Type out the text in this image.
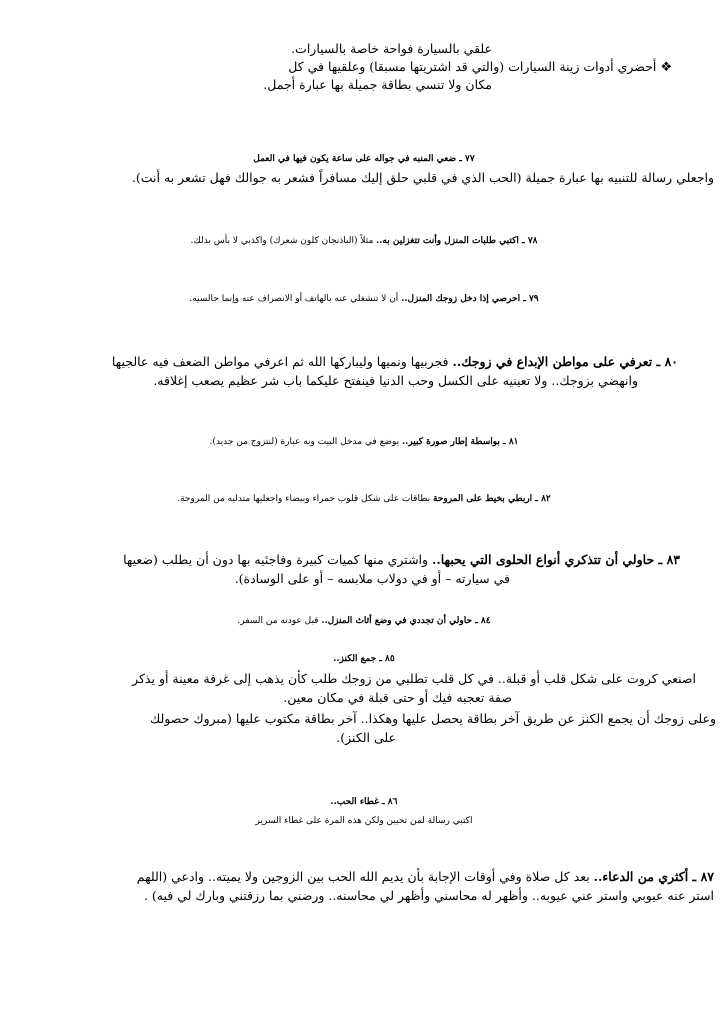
علقي بالسيارة فواحة خاصة بالسيارات.

❖أحضري أدوات زينة السيارات (والتي قد اشتريتها مسبقا) وعلقيها في كل

مكان ولا تنسي بطاقة جميلة بها عبارة أجمل.

٧٧ ـ ضعي المنبه في جواله على ساعة يكون فيها في العمل

واجعلي رسالة للتنبيه بها عبارة جميلة (الحب الذي في قلبي حلق إليك مسافراً فشعر به جوالك فهل تشعر به أنت).

٧٨ ـ اكتبي طلبات المنزل وأنت تتغزلين به.. مثلاً (الباذنجان كلون شعرك) واكذبي لا بأس بذلك.

٧٩ ـ احرصي إذا دخل زوجك المنزل.. أن لا تنشغلي عنه بالهاتف أو الانصراف عنه وإنما جالسيه.

٨٠ ـ تعرفي على مواطن الإبداع في زوجك.. فجربيها ونميها وليباركها الله ثم اعرفي مواطن الضعف فيه عالجيها

وانهضي بزوجك.. ولا تعينيه على الكسل وحب الدنيا فينفتح عليكما باب شر عظيم يصعب إغلاقه.

٨١ ـ بواسطة إطار صورة كبير.. يوضع في مدخل البيت وبه عبارة (لنتزوج من جديد).

٨٢ ـ اربطي بخيط على المروحة بطاقات على شكل قلوب حمراء وبيضاء واجعليها متدليه من المروحة.

٨٣ ـ حاولي أن تتذكري أنواع الحلوى التي يحبها.. واشتري منها كميات كبيرة وفاجئيه بها دون أن يطلب (ضعيها

في سيارته – أو في دولاب ملابسه – أو على الوسادة).

٨٤ ـ حاولي أن تجددي في وضع أثاث المنزل.. قبل عودته من السفر.

٨٥ ـ جمع الكنز..

اصنعي كروت على شكل قلب أو قبلة.. في كل قلب تطلبي من زوجك طلب كأن يذهب إلى غرفة معينة أو يذكر

صفة تعجبه فيك أو حتى قبلة في مكان معين.

وعلى زوجك أن يجمع الكنز عن طريق آخر بطاقة يحصل عليها وهكذا.. آخر بطاقة مكتوب عليها (مبروك حصولك

على الكنز).

٨٦ ـ غطاء الحب..

اكتبي رسالة لمن تحبين ولكن هذه المرة على غطاء السرير

٨٧ ـ أكثري من الدعاء.. بعد كل صلاة وفي أوقات الإجابة بأن يديم الله الحب بين الزوجين ولا يميته.. وادعي (اللهم

استر عنه عيوبي واستر عني عيوبه.. وأظهر له محاسني وأظهر لي محاسنه.. ورضني بما رزقتني وبارك لي فيه) .
